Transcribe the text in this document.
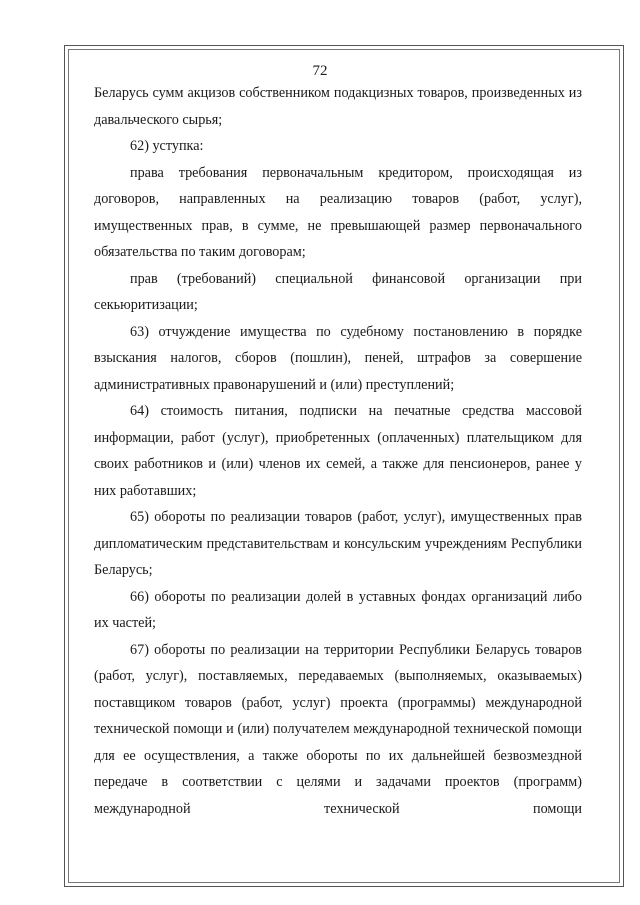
72

Беларусь сумм акцизов собственником подакцизных товаров, произведенных из давальческого сырья;

62) уступка:

права требования первоначальным кредитором, происходящая из договоров, направленных на реализацию товаров (работ, услуг), имущественных прав, в сумме, не превышающей размер первоначального обязательства по таким договорам;

прав (требований) специальной финансовой организации при секьюритизации;

63) отчуждение имущества по судебному постановлению в порядке взыскания налогов, сборов (пошлин), пеней, штрафов за совершение административных правонарушений и (или) преступлений;

64) стоимость питания, подписки на печатные средства массовой информации, работ (услуг), приобретенных (оплаченных) плательщиком для своих работников и (или) членов их семей, а также для пенсионеров, ранее у них работавших;

65) обороты по реализации товаров (работ, услуг), имущественных прав дипломатическим представительствам и консульским учреждениям Республики Беларусь;

66) обороты по реализации долей в уставных фондах организаций либо их частей;

67) обороты по реализации на территории Республики Беларусь товаров (работ, услуг), поставляемых, передаваемых (выполняемых, оказываемых) поставщиком товаров (работ, услуг) проекта (программы) международной технической помощи и (или) получателем международной технической помощи для ее осуществления, а также обороты по их дальнейшей безвозмездной передаче в соответствии с целями и задачами проектов (программ) международной технической помощи
